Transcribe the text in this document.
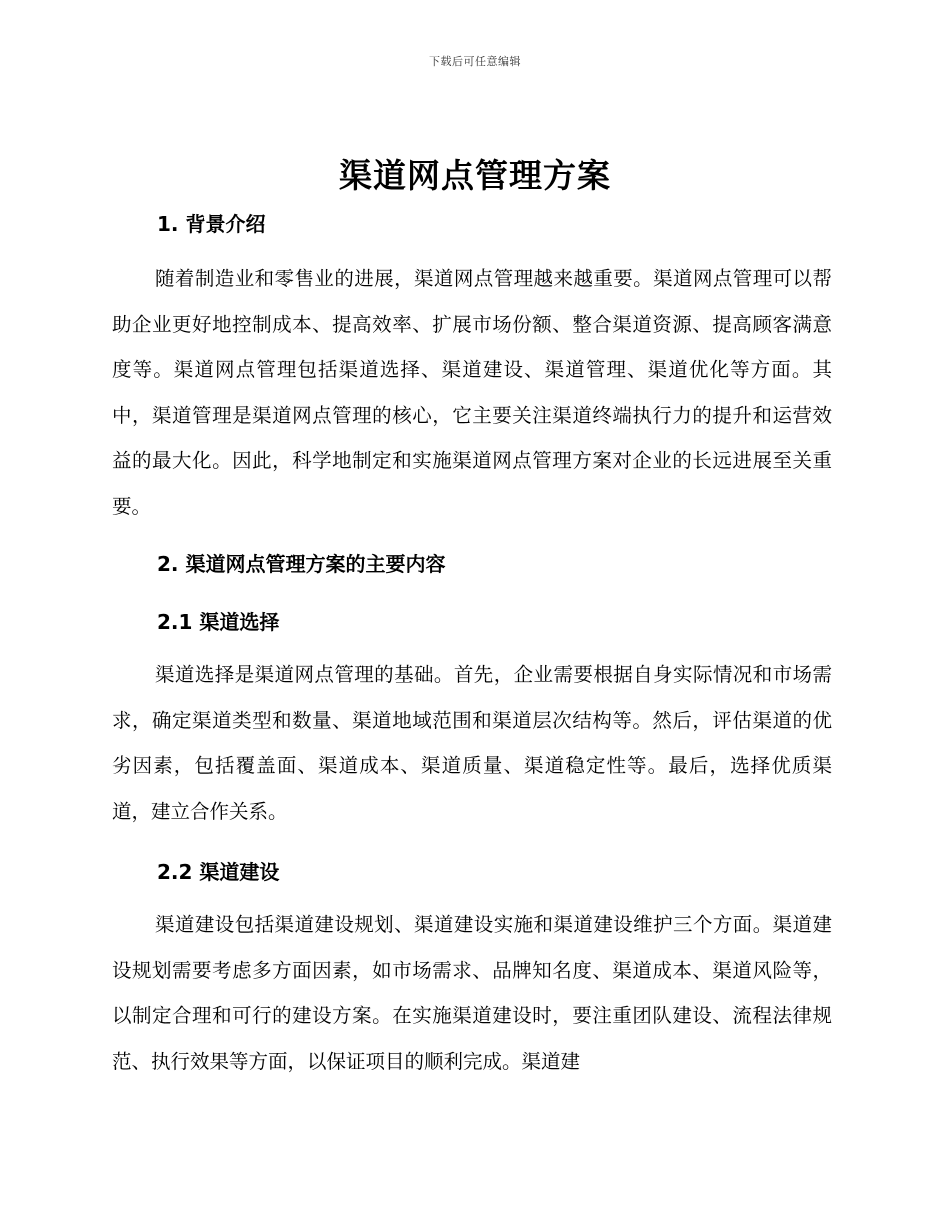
下载后可任意编辑
渠道网点管理方案
1. 背景介绍

随着制造业和零售业的进展，渠道网点管理越来越重要。渠道网点管理可以帮助企业更好地控制成本、提高效率、扩展市场份额、整合渠道资源、提高顾客满意度等。渠道网点管理包括渠道选择、渠道建设、渠道管理、渠道优化等方面。其中，渠道管理是渠道网点管理的核心，它主要关注渠道终端执行力的提升和运营效益的最大化。因此，科学地制定和实施渠道网点管理方案对企业的长远进展至关重要。

2. 渠道网点管理方案的主要内容
2.1 渠道选择

渠道选择是渠道网点管理的基础。首先，企业需要根据自身实际情况和市场需求，确定渠道类型和数量、渠道地域范围和渠道层次结构等。然后，评估渠道的优劣因素，包括覆盖面、渠道成本、渠道质量、渠道稳定性等。最后，选择优质渠道，建立合作关系。

2.2 渠道建设

渠道建设包括渠道建设规划、渠道建设实施和渠道建设维护三个方面。渠道建设规划需要考虑多方面因素，如市场需求、品牌知名度、渠道成本、渠道风险等，以制定合理和可行的建设方案。在实施渠道建设时，要注重团队建设、流程法律规范、执行效果等方面，以保证项目的顺利完成。渠道建
